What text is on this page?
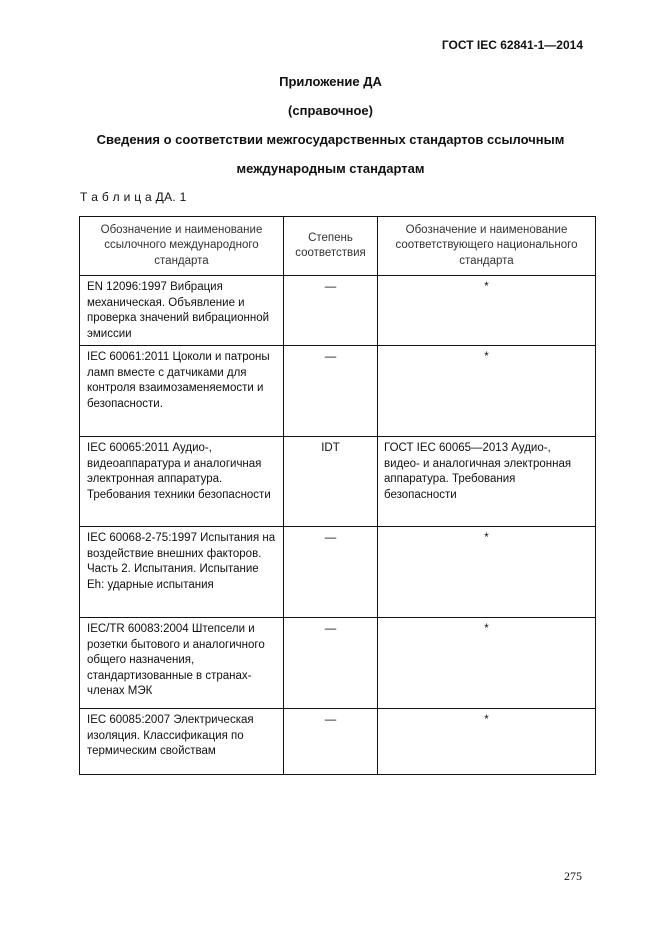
ГОСТ IEC 62841-1—2014
Приложение ДА
(справочное)
Сведения о соответствии межгосударственных стандартов ссылочным
международным стандартам
Т а б л и ц а ДА. 1
Обозначение и наименование ссылочного международного стандарта	Степень соответствия	Обозначение и наименование соответствующего национального стандарта
EN 12096:1997 Вибрация механическая. Объявление и проверка значений вибрационной эмиссии	—	*
IEC 60061:2011 Цоколи и патроны ламп вместе с датчиками для контроля взаимозаменяемости и безопасности.	—	*
IEC 60065:2011 Аудио-, видеоаппаратура и аналогичная электронная аппаратура. Требования техники безопасности	IDT	ГОСТ IEC 60065—2013 Аудио-, видео- и аналогичная электронная аппаратура. Требования безопасности
IEC 60068-2-75:1997 Испытания на воздействие внешних факторов. Часть 2. Испытания. Испытание Eh: ударные испытания	—	*
IEC/TR 60083:2004 Штепсели и розетки бытового и аналогичного общего назначения, стандартизованные в странах-членах МЭК	—	*
IEC 60085:2007 Электрическая изоляция. Классификация по термическим свойствам	—	*
275
